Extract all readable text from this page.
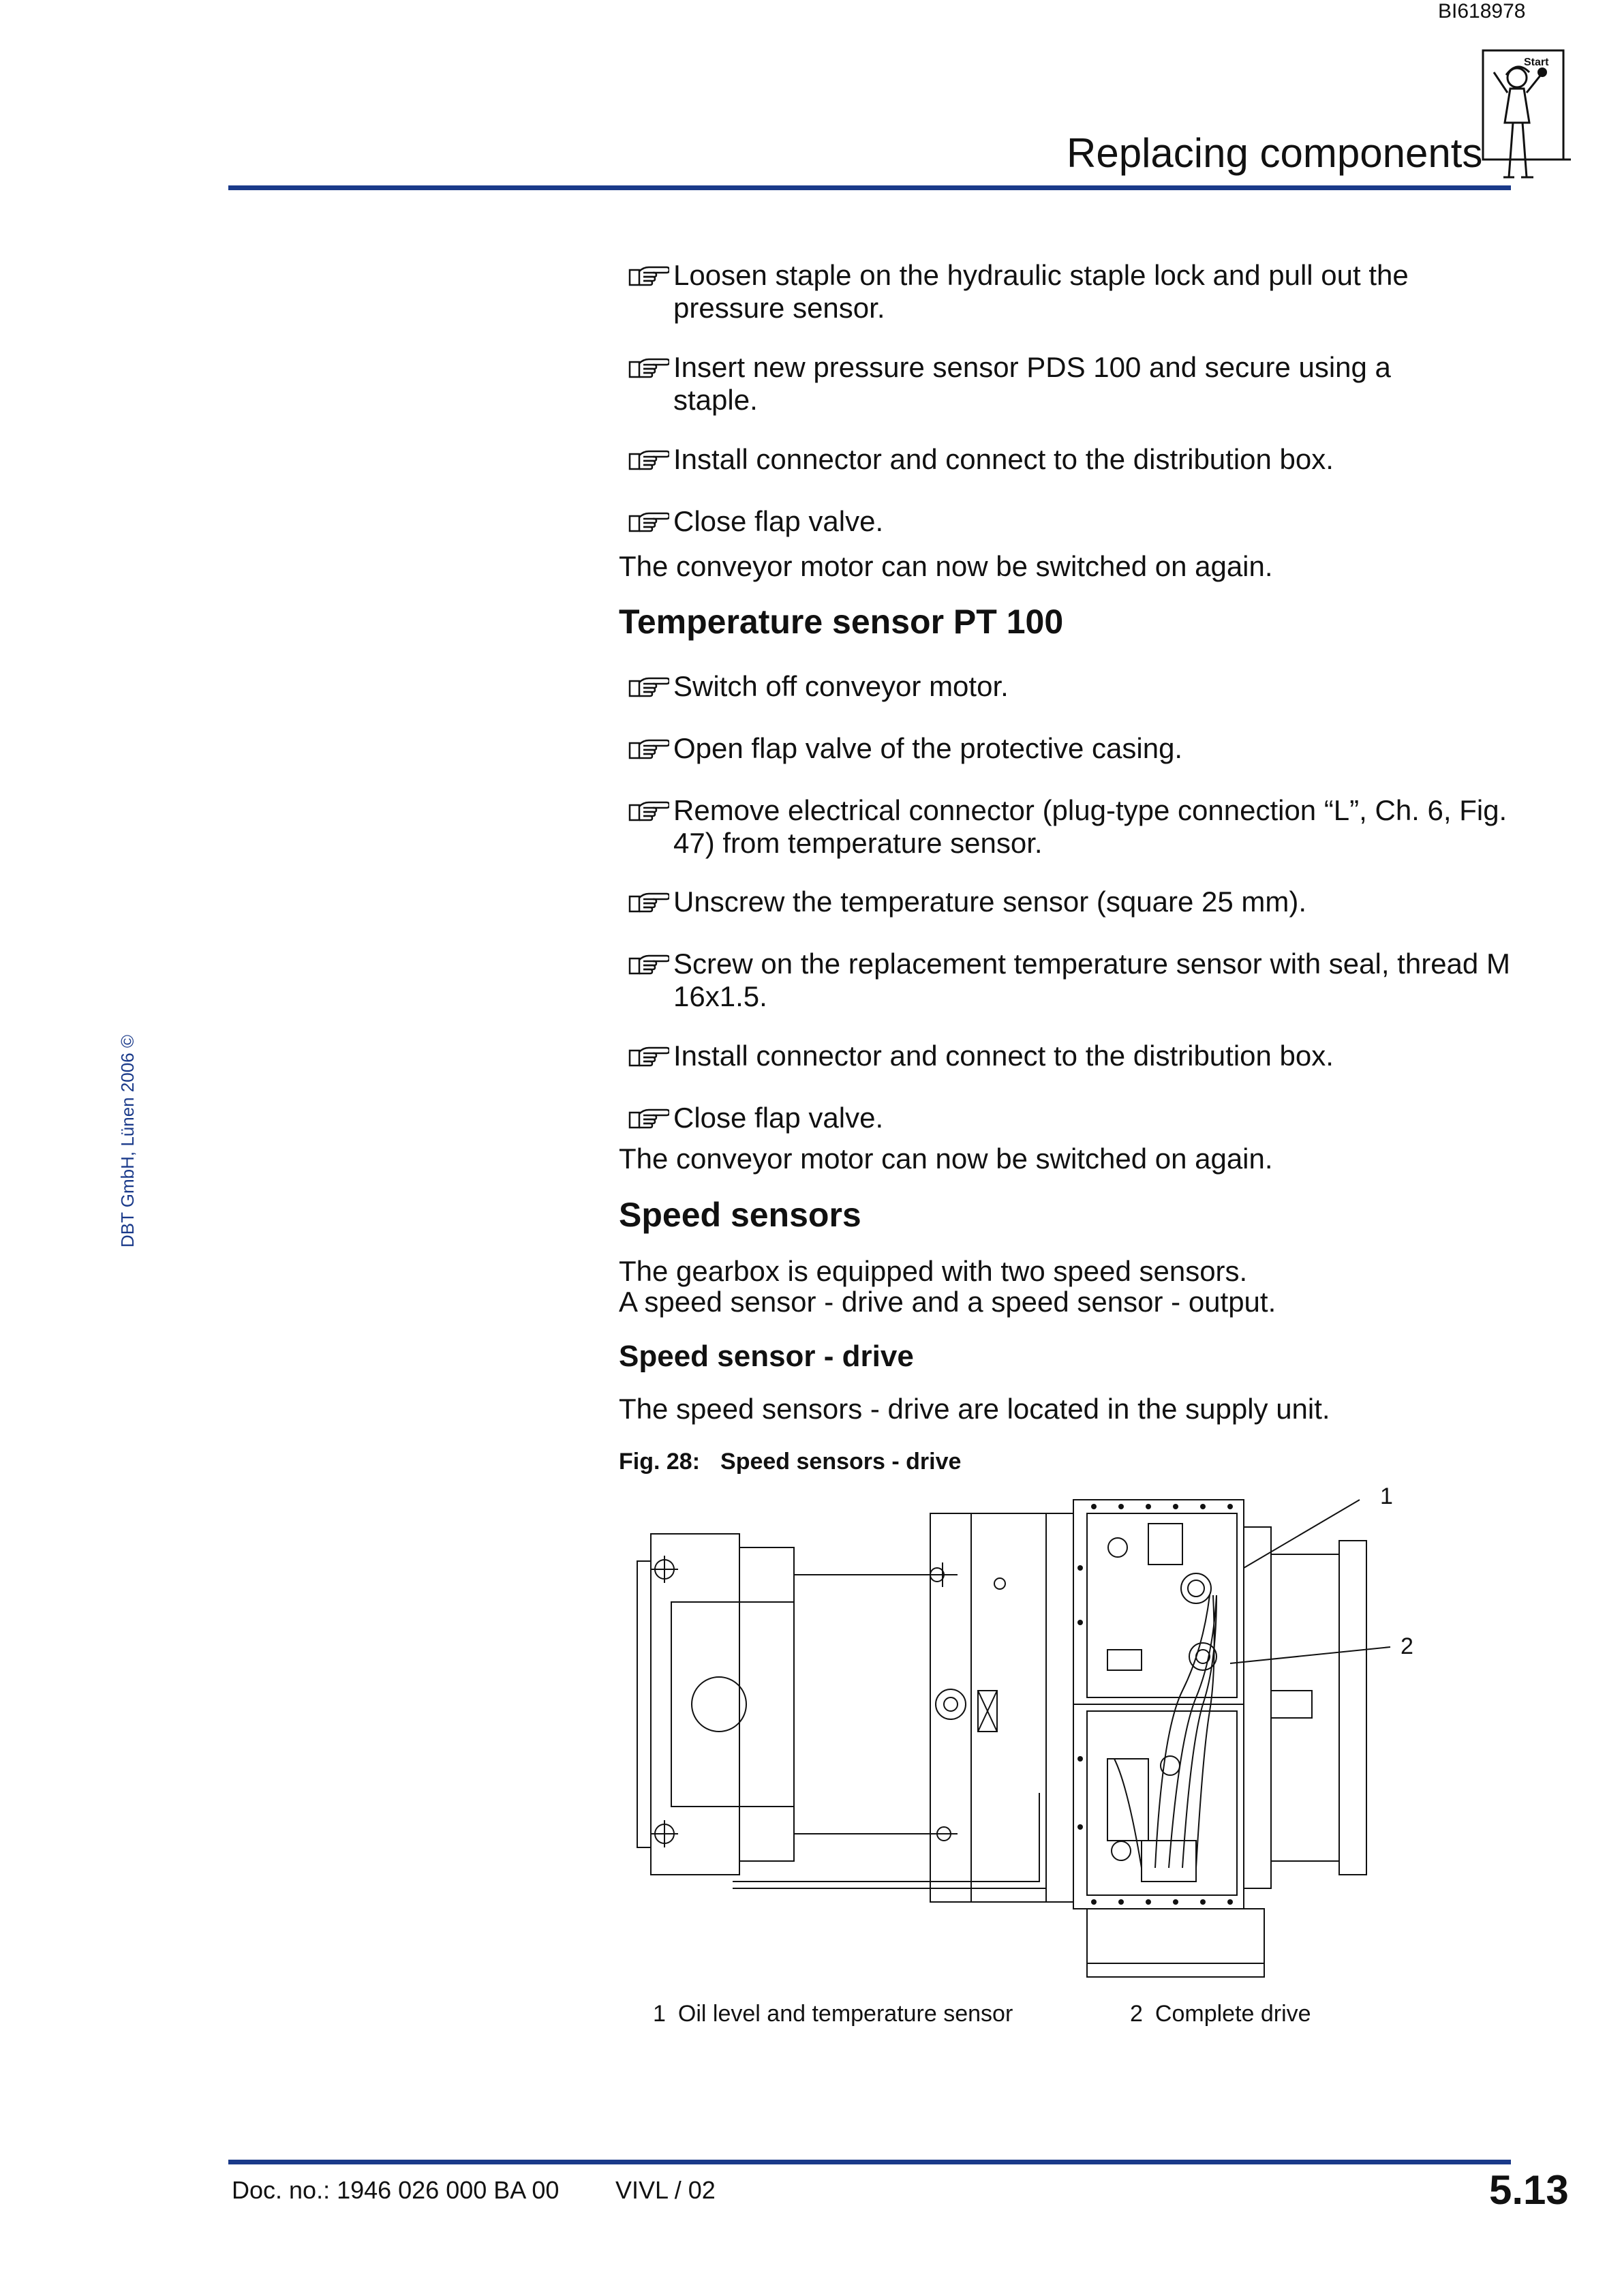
BI618978
Replacing components
Start
DBT GmbH, Lünen 2006 ©
Loosen staple on the hydraulic staple lock and pull out the pressure sensor.
Insert new pressure sensor PDS 100 and secure using a staple.
Install connector and connect to the distribution box.
Close flap valve.
The conveyor motor can now be switched on again.
Temperature sensor PT 100
Switch off conveyor motor.
Open flap valve of the protective casing.
Remove electrical connector (plug-type connection “L”, Ch. 6, Fig. 47) from temperature sensor.
Unscrew the temperature sensor (square 25 mm).
Screw on the replacement temperature sensor with seal, thread M 16x1.5.
Install connector and connect to the distribution box.
Close flap valve.
The conveyor motor can now be switched on again.
Speed sensors
The gearbox is equipped with two speed sensors.
A speed sensor - drive and a speed sensor - output.
Speed sensor - drive
The speed sensors - drive are located in the supply unit.
Fig. 28: Speed sensors - drive
1 Oil level and temperature sensor	2 Complete drive
1
2
Doc. no.: 1946 026 000 BA 00 VIVL / 02	5.13
